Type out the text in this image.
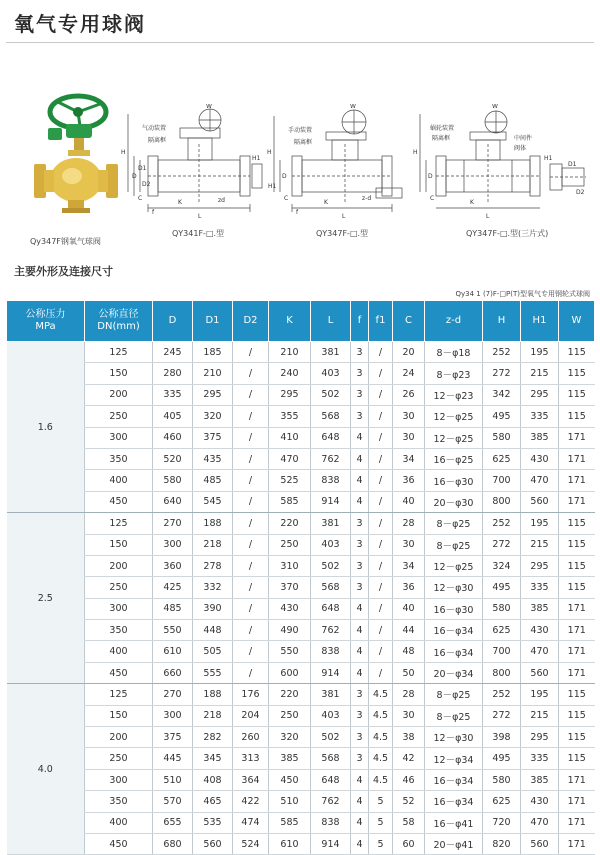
氧气专用球阀
Qy347F钢氧气球阀
W
气动装置
隔离框
H
D
D1
D2
C
K
L
f
zd
H1
QY341F-□.型
W
手动装置
隔离框
H
H1
D
K
L
f
C	z-d
QY347F-□.型
W
蜗轮装置
隔离框	中间件
阀体
D
D1
D2
C
K
L
H
H1
QY347F-□.型(三片式)
主要外形及连接尺寸
Qy34 1 (7)F-□P(T)型氧气专用钢轮式球阀
公称压力
MPa	公称直径
DN(mm)	D	D1	D2	K	L	f	f1	C	z-d	H	H1	W
1.6	125	245	185	/	210	381	3	/	20	8－φ18	252	195	115
	150	280	210	/	240	403	3	/	24	8－φ23	272	215	115
	200	335	295	/	295	502	3	/	26	12－φ23	342	295	115
	250	405	320	/	355	568	3	/	30	12－φ25	495	335	115
	300	460	375	/	410	648	4	/	30	12－φ25	580	385	171
	350	520	435	/	470	762	4	/	34	16－φ25	625	430	171
	400	580	485	/	525	838	4	/	36	16－φ30	700	470	171
	450	640	545	/	585	914	4	/	40	20－φ30	800	560	171
2.5	125	270	188	/	220	381	3	/	28	8－φ25	252	195	115
	150	300	218	/	250	403	3	/	30	8－φ25	272	215	115
	200	360	278	/	310	502	3	/	34	12－φ25	324	295	115
	250	425	332	/	370	568	3	/	36	12－φ30	495	335	115
	300	485	390	/	430	648	4	/	40	16－φ30	580	385	171
	350	550	448	/	490	762	4	/	44	16－φ34	625	430	171
	400	610	505	/	550	838	4	/	48	16－φ34	700	470	171
	450	660	555	/	600	914	4	/	50	20－φ34	800	560	171
4.0	125	270	188	176	220	381	3	4.5	28	8－φ25	252	195	115
	150	300	218	204	250	403	3	4.5	30	8－φ25	272	215	115
	200	375	282	260	320	502	3	4.5	38	12－φ30	398	295	115
	250	445	345	313	385	568	3	4.5	42	12－φ34	495	335	115
	300	510	408	364	450	648	4	4.5	46	16－φ34	580	385	171
	350	570	465	422	510	762	4	5	52	16－φ34	625	430	171
	400	655	535	474	585	838	4	5	58	16－φ41	720	470	171
	450	680	560	524	610	914	4	5	60	20－φ41	820	560	171
